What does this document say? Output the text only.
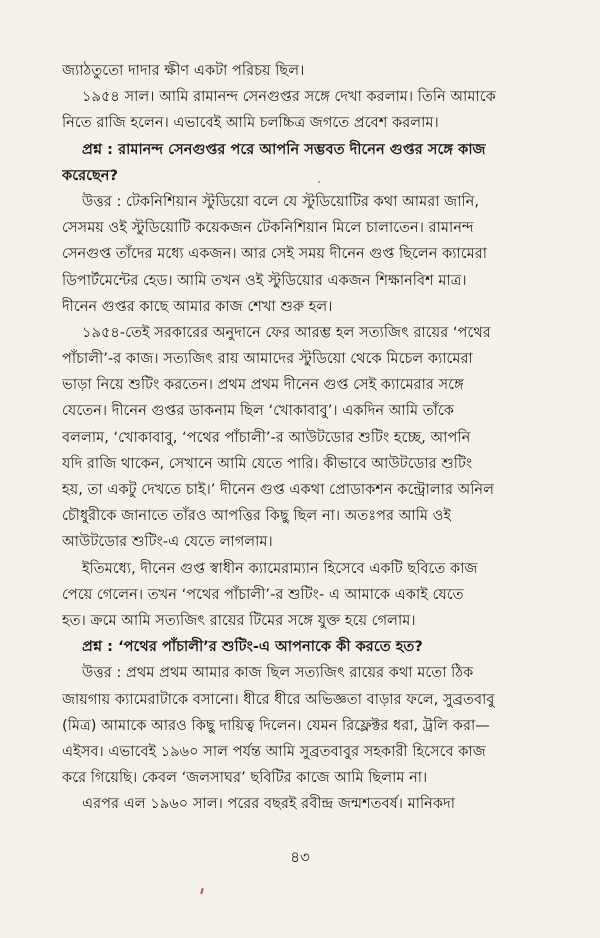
জ্যাঠতুতো দাদার ক্ষীণ একটা পরিচয় ছিল।
১৯৫৪ সাল। আমি রামানন্দ সেনগুপ্তর সঙ্গে দেখা করলাম। তিনি আমাকে
নিতে রাজি হলেন। এভাবেই আমি চলচ্চিত্র জগতে প্রবেশ করলাম।
প্রশ্ন : রামানন্দ সেনগুপ্তর পরে আপনি সম্ভবত দীনেন গুপ্তর সঙ্গে কাজ
করেছেন?
উত্তর : টেকনিশিয়ান স্টুডিয়ো বলে যে স্টুডিয়োটির কথা আমরা জানি,
সেসময় ওই স্টুডিয়োটি কয়েকজন টেকনিশিয়ান মিলে চালাতেন। রামানন্দ
সেনগুপ্ত তাঁদের মধ্যে একজন। আর সেই সময় দীনেন গুপ্ত ছিলেন ক্যামেরা
ডিপার্টমেন্টের হেড। আমি তখন ওই স্টুডিয়োর একজন শিক্ষানবিশ মাত্র।
দীনেন গুপ্তর কাছে আমার কাজ শেখা শুরু হল।
১৯৫৪-তেই সরকারের অনুদানে ফের আরম্ভ হল সত্যজিৎ রায়ের ‘পথের
পাঁচালী’-র কাজ। সত্যজিৎ রায় আমাদের স্টুডিয়ো থেকে মিচেল ক্যামেরা
ভাড়া নিয়ে শুটিং করতেন। প্রথম প্রথম দীনেন গুপ্ত সেই ক্যামেরার সঙ্গে
যেতেন। দীনেন গুপ্তর ডাকনাম ছিল ‘খোকাবাবু’। একদিন আমি তাঁকে
বললাম, ‘খোকাবাবু, ‘পথের পাঁচালী’-র আউটডোর শুটিং হচ্ছে, আপনি
যদি রাজি থাকেন, সেখানে আমি যেতে পারি। কীভাবে আউটডোর শুটিং
হয়, তা একটু দেখতে চাই।’ দীনেন গুপ্ত একথা প্রোডাকশন কন্ট্রোলার অনিল
চৌধুরীকে জানাতে তাঁরও আপত্তির কিছু ছিল না। অতঃপর আমি ওই
আউটডোর শুটিং-এ যেতে লাগলাম।
ইতিমধ্যে, দীনেন গুপ্ত স্বাধীন ক্যামেরাম্যান হিসেবে একটি ছবিতে কাজ
পেয়ে গেলেন। তখন ‘পথের পাঁচালী’-র শুটিং- এ আমাকে একাই যেতে
হত। ক্রমে আমি সত্যজিৎ রায়ের টিমের সঙ্গে যুক্ত হয়ে গেলাম।
প্রশ্ন : ‘পথের পাঁচালী’র শুটিং-এ আপনাকে কী করতে হত?
উত্তর : প্রথম প্রথম আমার কাজ ছিল সত্যজিৎ রায়ের কথা মতো ঠিক
জায়গায় ক্যামেরাটাকে বসানো। ধীরে ধীরে অভিজ্ঞতা বাড়ার ফলে, সুব্রতবাবু
(মিত্র) আমাকে আরও কিছু দায়িত্ব দিলেন। যেমন রিফ্লেক্টর ধরা, ট্রলি করা—
এইসব। এভাবেই ১৯৬০ সাল পর্যন্ত আমি সুব্রতবাবুর সহকারী হিসেবে কাজ
করে গিয়েছি। কেবল ‘জলসাঘর’ ছবিটির কাজে আমি ছিলাম না।
এরপর এল ১৯৬০ সাল। পরের বছরই রবীন্দ্র জন্মশতবর্ষ। মানিকদা
৪৩
